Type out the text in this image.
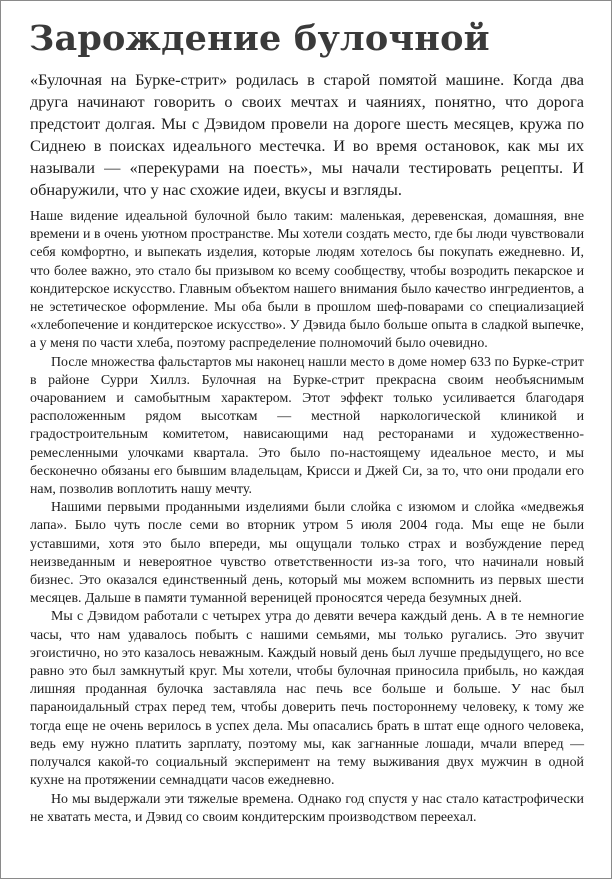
Зарождение булочной

«Булочная на Бурке-стрит» родилась в старой помятой машине. Когда два друга начинают говорить о своих мечтах и чаяниях, понятно, что дорога предстоит долгая. Мы с Дэвидом провели на дороге шесть месяцев, кружа по Сиднею в поисках идеального местечка. И во время остановок, как мы их называли — «перекурами на поесть», мы начали тестировать рецепты. И обнаружили, что у нас схожие идеи, вкусы и взгляды.

Наше видение идеальной булочной было таким: маленькая, деревенская, домашняя, вне времени и в очень уютном пространстве. Мы хотели создать место, где бы люди чувствовали себя комфортно, и выпекать изделия, которые людям хотелось бы покупать ежедневно. И, что более важно, это стало бы призывом ко всему сообществу, чтобы возродить пекарское и кондитерское искусство. Главным объектом нашего внимания было качество ингредиентов, а не эстетическое оформление. Мы оба были в прошлом шеф-поварами со специализацией «хлебопечение и кондитерское искусство». У Дэвида было больше опыта в сладкой выпечке, а у меня по части хлеба, поэтому распределение полномочий было очевидно.

После множества фальстартов мы наконец нашли место в доме номер 633 по Бурке-стрит в районе Сурри Хиллз. Булочная на Бурке-стрит прекрасна своим необъяснимым очарованием и самобытным характером. Этот эффект только усиливается благодаря расположенным рядом высоткам — местной наркологической клиникой и градостроительным комитетом, нависающими над ресторанами и художественно-ремесленными улочками квартала. Это было по-настоящему идеальное место, и мы бесконечно обязаны его бывшим владельцам, Крисси и Джей Си, за то, что они продали его нам, позволив воплотить нашу мечту.

Нашими первыми проданными изделиями были слойка с изюмом и слойка «медвежья лапа». Было чуть после семи во вторник утром 5 июля 2004 года. Мы еще не были уставшими, хотя это было впереди, мы ощущали только страх и возбуждение перед неизведанным и невероятное чувство ответственности из-за того, что начинали новый бизнес. Это оказался единственный день, который мы можем вспомнить из первых шести месяцев. Дальше в памяти туманной вереницей проносятся череда безумных дней.

Мы с Дэвидом работали с четырех утра до девяти вечера каждый день. А в те немногие часы, что нам удавалось побыть с нашими семьями, мы только ругались. Это звучит эгоистично, но это казалось неважным. Каждый новый день был лучше предыдущего, но все равно это был замкнутый круг. Мы хотели, чтобы булочная приносила прибыль, но каждая лишняя проданная булочка заставляла нас печь все больше и больше. У нас был параноидальный страх перед тем, чтобы доверить печь постороннему человеку, к тому же тогда еще не очень верилось в успех дела. Мы опасались брать в штат еще одного человека, ведь ему нужно платить зарплату, поэтому мы, как загнанные лошади, мчали вперед — получался какой-то социальный эксперимент на тему выживания двух мужчин в одной кухне на протяжении семнадцати часов ежедневно.

Но мы выдержали эти тяжелые времена. Однако год спустя у нас стало катастрофически не хватать места, и Дэвид со своим кондитерским производством переехал.
